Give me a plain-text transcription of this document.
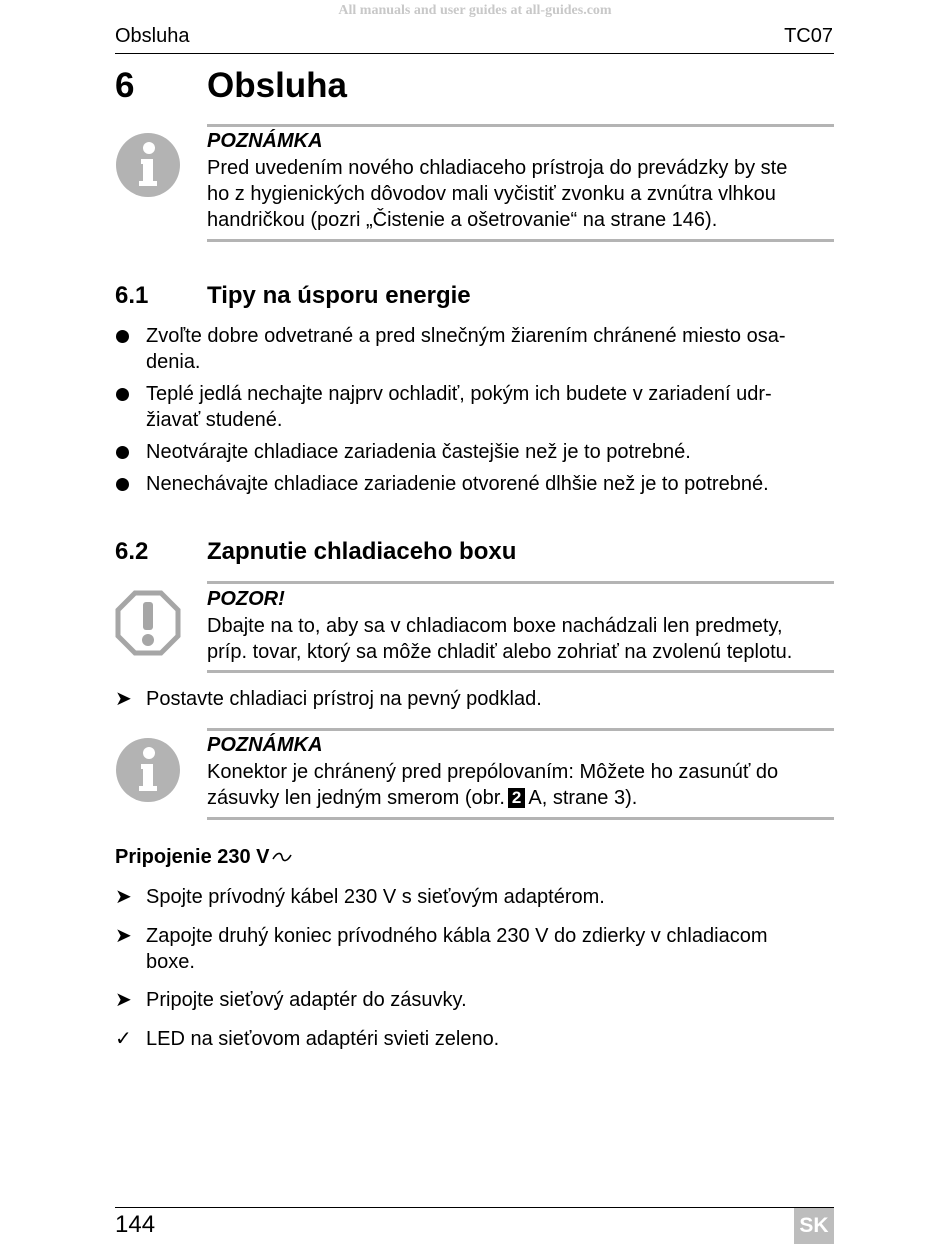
All manuals and user guides at all-guides.com
Obsluha	TC07
6 Obsluha
POZNÁMKA
Pred uvedením nového chladiaceho prístroja do prevádzky by ste
ho z hygienických dôvodov mali vyčistiť zvonku a zvnútra vlhkou
handričkou (pozri „Čistenie a ošetrovanie“ na strane 146).
6.1 Tipy na úsporu energie
Zvoľte dobre odvetrané a pred slnečným žiarením chránené miesto osa-
denia.
Teplé jedlá nechajte najprv ochladiť, pokým ich budete v zariadení udr-
žiavať studené.
Neotvárajte chladiace zariadenia častejšie než je to potrebné.
Nenechávajte chladiace zariadenie otvorené dlhšie než je to potrebné.
6.2 Zapnutie chladiaceho boxu
POZOR!
Dbajte na to, aby sa v chladiacom boxe nachádzali len predmety,
príp. tovar, ktorý sa môže chladiť alebo zohriať na zvolenú teplotu.
➤ Postavte chladiaci prístroj na pevný podklad.
POZNÁMKA
Konektor je chránený pred prepólovaním: Môžete ho zasunúť do
zásuvky len jedným smerom (obr. 2 A, strane 3).
Pripojenie 230 V
➤ Spojte prívodný kábel 230 V s sieťovým adaptérom.
➤ Zapojte druhý koniec prívodného kábla 230 V do zdierky v chladiacom
boxe.
➤ Pripojte sieťový adaptér do zásuvky.
✓ LED na sieťovom adaptéri svieti zeleno.
144	SK
